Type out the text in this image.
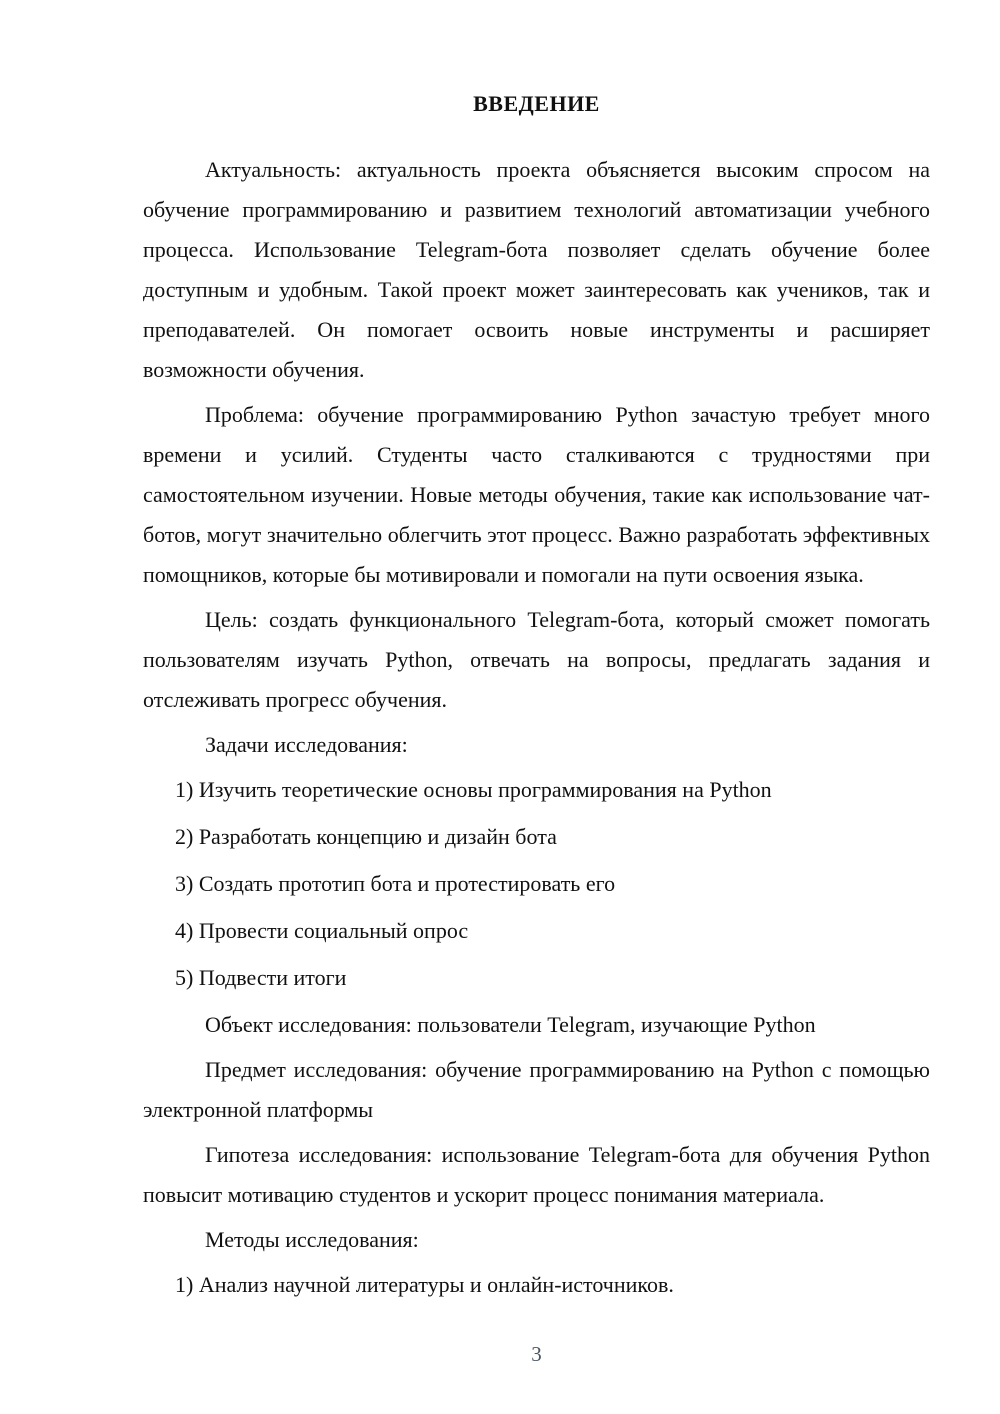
ВВЕДЕНИЕ

Актуальность: актуальность проекта объясняется высоким спросом на обучение программированию и развитием технологий автоматизации учебного процесса. Использование Telegram-бота позволяет сделать обучение более доступным и удобным. Такой проект может заинтересовать как учеников, так и преподавателей. Он помогает освоить новые инструменты и расширяет возможности обучения.

Проблема: обучение программированию Python зачастую требует много времени и усилий. Студенты часто сталкиваются с трудностями при самостоятельном изучении. Новые методы обучения, такие как использование чат-ботов, могут значительно облегчить этот процесс. Важно разработать эффективных помощников, которые бы мотивировали и помогали на пути освоения языка.

Цель: создать функционального Telegram-бота, который сможет помогать пользователям изучать Python, отвечать на вопросы, предлагать задания и отслеживать прогресс обучения.

Задачи исследования:

1) Изучить теоретические основы программирования на Python

2) Разработать концепцию и дизайн бота

3) Создать прототип бота и протестировать его

4) Провести социальный опрос

5) Подвести итоги

Объект исследования: пользователи Telegram, изучающие Python

Предмет исследования: обучение программированию на Python с помощью электронной платформы

Гипотеза исследования: использование Telegram-бота для обучения Python повысит мотивацию студентов и ускорит процесс понимания материала.

Методы исследования:

1) Анализ научной литературы и онлайн-источников.

3
